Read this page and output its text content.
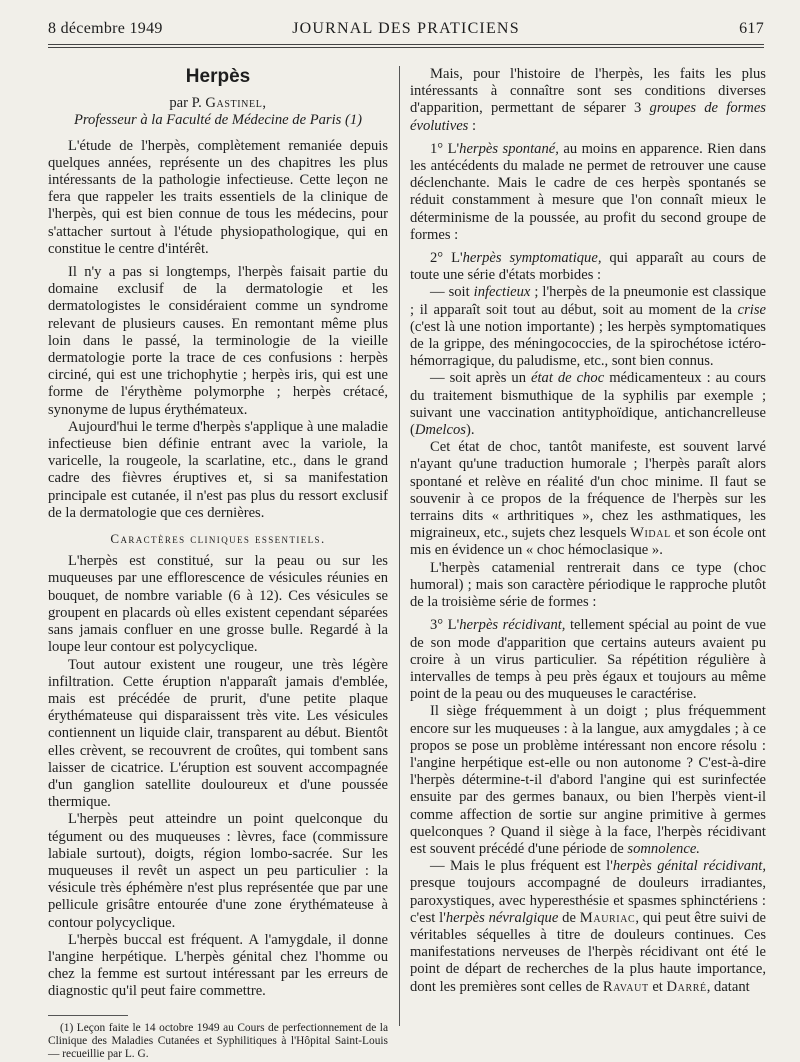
8 décembre 1949	JOURNAL DES PRATICIENS	617
Herpès
par P. Gastinel,
Professeur à la Faculté de Médecine de Paris (1)

L'étude de l'herpès, complètement remaniée depuis quelques années, représente un des chapitres les plus intéressants de la pathologie infectieuse. Cette leçon ne fera que rappeler les traits essentiels de la clinique de l'herpès, qui est bien connue de tous les médecins, pour s'attacher surtout à l'étude physiopathologique, qui en constitue le centre d'intérêt.

Il n'y a pas si longtemps, l'herpès faisait partie du domaine exclusif de la dermatologie et les dermatologistes le considéraient comme un syndrome relevant de plusieurs causes. En remontant même plus loin dans le passé, la terminologie de la vieille dermatologie porte la trace de ces confusions : herpès circiné, qui est une trichophytie ; herpès iris, qui est une forme de l'érythème polymorphe ; herpès crétacé, synonyme de lupus érythémateux.

Aujourd'hui le terme d'herpès s'applique à une maladie infectieuse bien définie entrant avec la variole, la varicelle, la rougeole, la scarlatine, etc., dans le grand cadre des fièvres éruptives et, si sa manifestation principale est cutanée, il n'est pas plus du ressort exclusif de la dermatologie que ces dernières.

Caractères cliniques essentiels.

L'herpès est constitué, sur la peau ou sur les muqueuses par une efflorescence de vésicules réunies en bouquet, de nombre variable (6 à 12). Ces vésicules se groupent en placards où elles existent cependant séparées sans jamais confluer en une grosse bulle. Regardé à la loupe leur contour est polycyclique.

Tout autour existent une rougeur, une très légère infiltration. Cette éruption n'apparaît jamais d'emblée, mais est précédée de prurit, d'une petite plaque érythémateuse qui disparaissent très vite. Les vésicules contiennent un liquide clair, transparent au début. Bientôt elles crèvent, se recouvrent de croûtes, qui tombent sans laisser de cicatrice. L'éruption est souvent accompagnée d'un ganglion satellite douloureux et d'une poussée thermique.

L'herpès peut atteindre un point quelconque du tégument ou des muqueuses : lèvres, face (commissure labiale surtout), doigts, région lombo-sacrée. Sur les muqueuses il revêt un aspect un peu particulier : la vésicule très éphémère n'est plus représentée que par une pellicule grisâtre entourée d'une zone érythémateuse à contour polycyclique.

L'herpès buccal est fréquent. A l'amygdale, il donne l'angine herpétique. L'herpès génital chez l'homme ou chez la femme est surtout intéressant par les erreurs de diagnostic qu'il peut faire commettre.

(1) Leçon faite le 14 octobre 1949 au Cours de perfectionnement de la Clinique des Maladies Cutanées et Syphilitiques à l'Hôpital Saint-Louis — recueillie par L. G.

Mais, pour l'histoire de l'herpès, les faits les plus intéressants à connaître sont ses conditions diverses d'apparition, permettant de séparer 3 groupes de formes évolutives :

1° L'herpès spontané, au moins en apparence. Rien dans les antécédents du malade ne permet de retrouver une cause déclenchante. Mais le cadre de ces herpès spontanés se réduit constamment à mesure que l'on connaît mieux le déterminisme de la poussée, au profit du second groupe de formes :

2° L'herpès symptomatique, qui apparaît au cours de toute une série d'états morbides :

— soit infectieux ; l'herpès de la pneumonie est classique ; il apparaît soit tout au début, soit au moment de la crise (c'est là une notion importante) ; les herpès symptomatiques de la grippe, des méningococcies, de la spirochétose ictéro-hémorragique, du paludisme, etc., sont bien connus.

— soit après un état de choc médicamenteux : au cours du traitement bismuthique de la syphilis par exemple ; suivant une vaccination antityphoïdique, antichancrelleuse (Dmelcos).

Cet état de choc, tantôt manifeste, est souvent larvé n'ayant qu'une traduction humorale ; l'herpès paraît alors spontané et relève en réalité d'un choc minime. Il faut se souvenir à ce propos de la fréquence de l'herpès sur les terrains dits « arthritiques », chez les asthmatiques, les migraineux, etc., sujets chez lesquels Widal et son école ont mis en évidence un « choc hémoclasique ».

L'herpès catamenial rentrerait dans ce type (choc humoral) ; mais son caractère périodique le rapproche plutôt de la troisième série de formes :

3° L'herpès récidivant, tellement spécial au point de vue de son mode d'apparition que certains auteurs avaient pu croire à un virus particulier. Sa répétition régulière à intervalles de temps à peu près égaux et toujours au même point de la peau ou des muqueuses le caractérise.

Il siège fréquemment à un doigt ; plus fréquemment encore sur les muqueuses : à la langue, aux amygdales ; à ce propos se pose un problème intéressant non encore résolu : l'angine herpétique est-elle ou non autonome ? C'est-à-dire l'herpès détermine-t-il d'abord l'angine qui est surinfectée ensuite par des germes banaux, ou bien l'herpès vient-il comme affection de sortie sur angine primitive à germes quelconques ? Quand il siège à la face, l'herpès récidivant est souvent précédé d'une période de somnolence.

— Mais le plus fréquent est l'herpès génital récidivant, presque toujours accompagné de douleurs irradiantes, paroxystiques, avec hyperesthésie et spasmes sphinctériens : c'est l'herpès névralgique de Mauriac, qui peut être suivi de véritables séquelles à titre de douleurs continues. Ces manifestations nerveuses de l'herpès récidivant ont été le point de départ de recherches de la plus haute importance, dont les premières sont celles de Ravaut et Darré, datant
